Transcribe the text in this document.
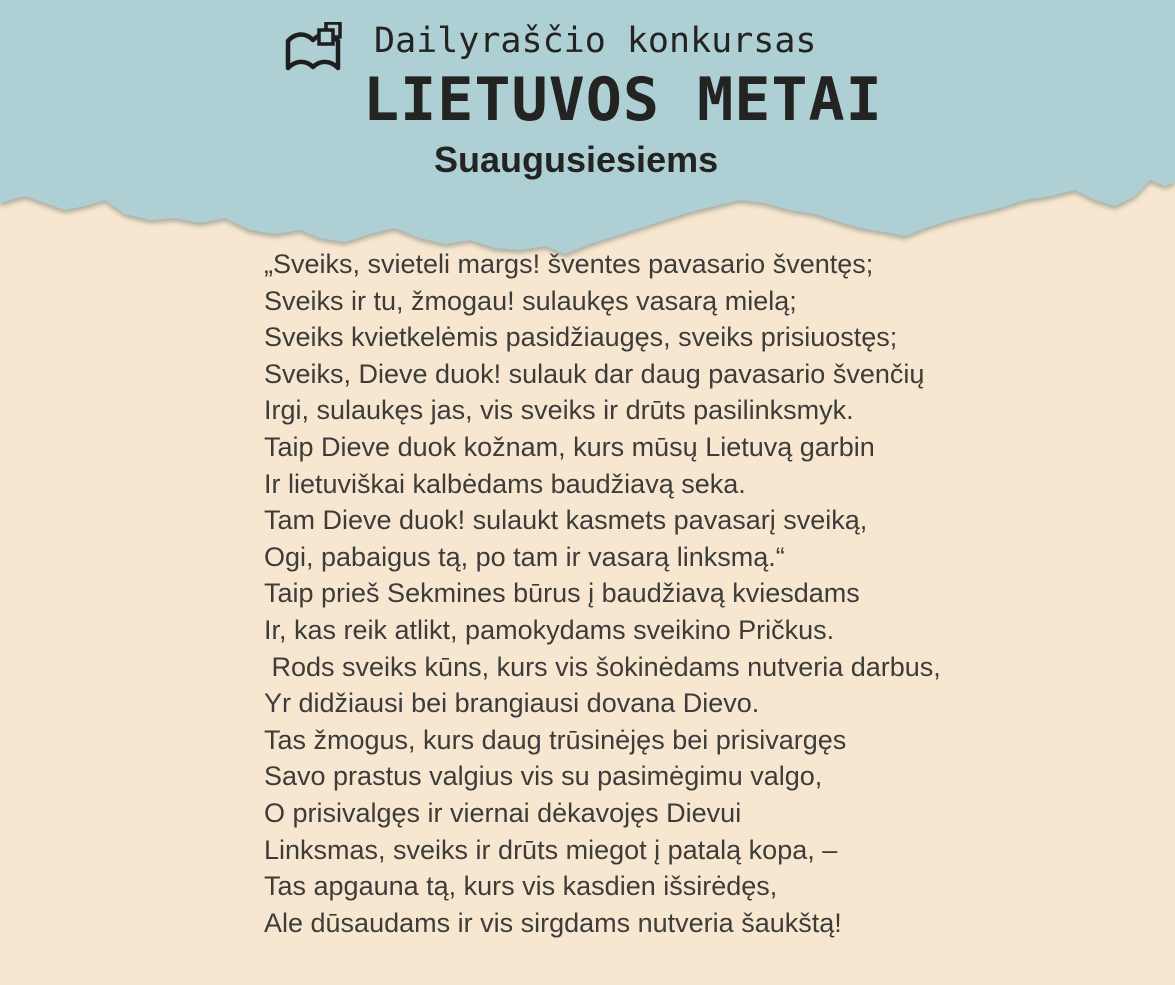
Dailyraščio konkursas
LIETUVOS METAI
Suaugusiesiems
„Sveiks, svieteli margs! šventes pavasario šventęs;
Sveiks ir tu, žmogau! sulaukęs vasarą mielą;
Sveiks kvietkelėmis pasidžiaugęs, sveiks prisiuostęs;
Sveiks, Dieve duok! sulauk dar daug pavasario švenčių
Irgi, sulaukęs jas, vis sveiks ir drūts pasilinksmyk.
Taip Dieve duok kožnam, kurs mūsų Lietuvą garbin
Ir lietuviškai kalbėdams baudžiavą seka.
Tam Dieve duok! sulaukt kasmets pavasarį sveiką,
Ogi, pabaigus tą, po tam ir vasarą linksmą.“
Taip prieš Sekmines būrus į baudžiavą kviesdams
Ir, kas reik atlikt, pamokydams sveikino Pričkus.
Rods sveiks kūns, kurs vis šokinėdams nutveria darbus,
Yr didžiausi bei brangiausi dovana Dievo.
Tas žmogus, kurs daug trūsinėjęs bei prisivargęs
Savo prastus valgius vis su pasimėgimu valgo,
O prisivalgęs ir viernai dėkavojęs Dievui
Linksmas, sveiks ir drūts miegot į patalą kopa, –
Tas apgauna tą, kurs vis kasdien išsirėdęs,
Ale dūsaudams ir vis sirgdams nutveria šaukštą!
